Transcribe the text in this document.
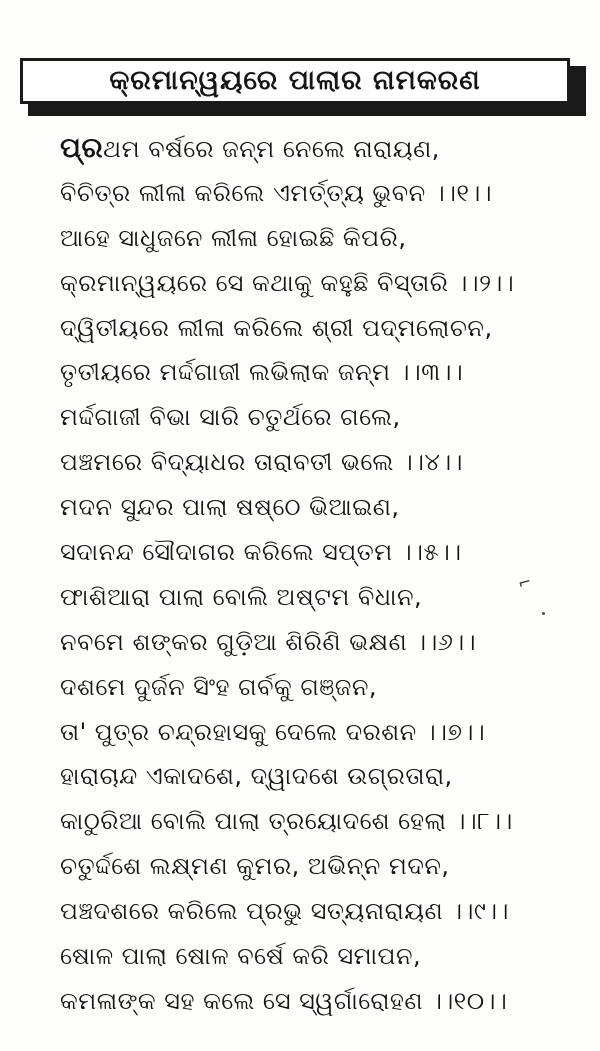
କ୍ରମାନ୍ୱୟରେ ପାଲାର ନାମକରଣ
ପ୍ରଥମ ବର୍ଷରେ ଜନ୍ମ ନେଲେ ନାରାୟଣ,
ବିଚିତ୍ର ଲୀଳା କରିଲେ ଏମର୍ତ୍ତ୍ୟ ଭୁବନ ।।୧।।
ଆହେ ସାଧୁଜନେ ଲୀଳା ହୋଇଛି କିପରି,
କ୍ରମାନ୍ୱୟରେ ସେ କଥାକୁ କହୁଛି ବିସ୍ତାରି ।।୨।।
ଦ୍ୱିତୀୟରେ ଲୀଳା କରିଲେ ଶ୍ରୀ ପଦ୍ମଲୋଚନ,
ତୃତୀୟରେ ମର୍ଦ୍ଦଗାଜୀ ଲଭିଲାକ ଜନ୍ମ ।।୩।।
ମର୍ଦ୍ଦଗାଜୀ ବିଭା ସାରି ଚତୁର୍ଥରେ ଗଲେ,
ପଞ୍ଚମରେ ବିଦ୍ୟାଧର ତାରାବତୀ ଭଲେ ।।୪।।
ମଦନ ସୁନ୍ଦର ପାଲା ଷଷ୍ଠେ ଭିଆଇଣ,
ସଦାନନ୍ଦ ସୌଦାଗର କରିଲେ ସପ୍ତମ ।।୫।।
ଫାଶିଆରା ପାଲା ବୋଲି ଅଷ୍ଟମ ବିଧାନ,
ନବମେ ଶଙ୍କର ଗୁଡ଼ିଆ ଶିରିଣି ଭକ୍ଷଣ ।।୬।।
ଦଶମେ ଦୁର୍ଜନ ସିଂହ ଗର୍ବକୁ ଗଞ୍ଜନ,
ତା' ପୁତ୍ର ଚନ୍ଦ୍ରହାସକୁ ଦେଲେ ଦରଶନ ।।୭।।
ହାରାଚାନ୍ଦ ଏକାଦଶେ, ଦ୍ୱାଦଶେ ଉଗ୍ରତାରା,
କାଠୁରିଆ ବୋଲି ପାଲା ତ୍ରୟୋଦଶେ ହେଲା ।।୮।।
ଚତୁର୍ଦ୍ଦଶେ ଲକ୍ଷ୍ମଣ କୁମର, ଅଭିନ୍ନ ମଦନ,
ପଞ୍ଚଦଶରେ କରିଲେ ପ୍ରଭୁ ସତ୍ୟନାରାୟଣ ।।୯।।
ଷୋଳ ପାଲା ଷୋଳ ବର୍ଷେ କରି ସମାପନ,
କମଳାଙ୍କ ସହ କଲେ ସେ ସ୍ୱର୍ଗାରୋହଣ ।।୧୦।।
⌐
